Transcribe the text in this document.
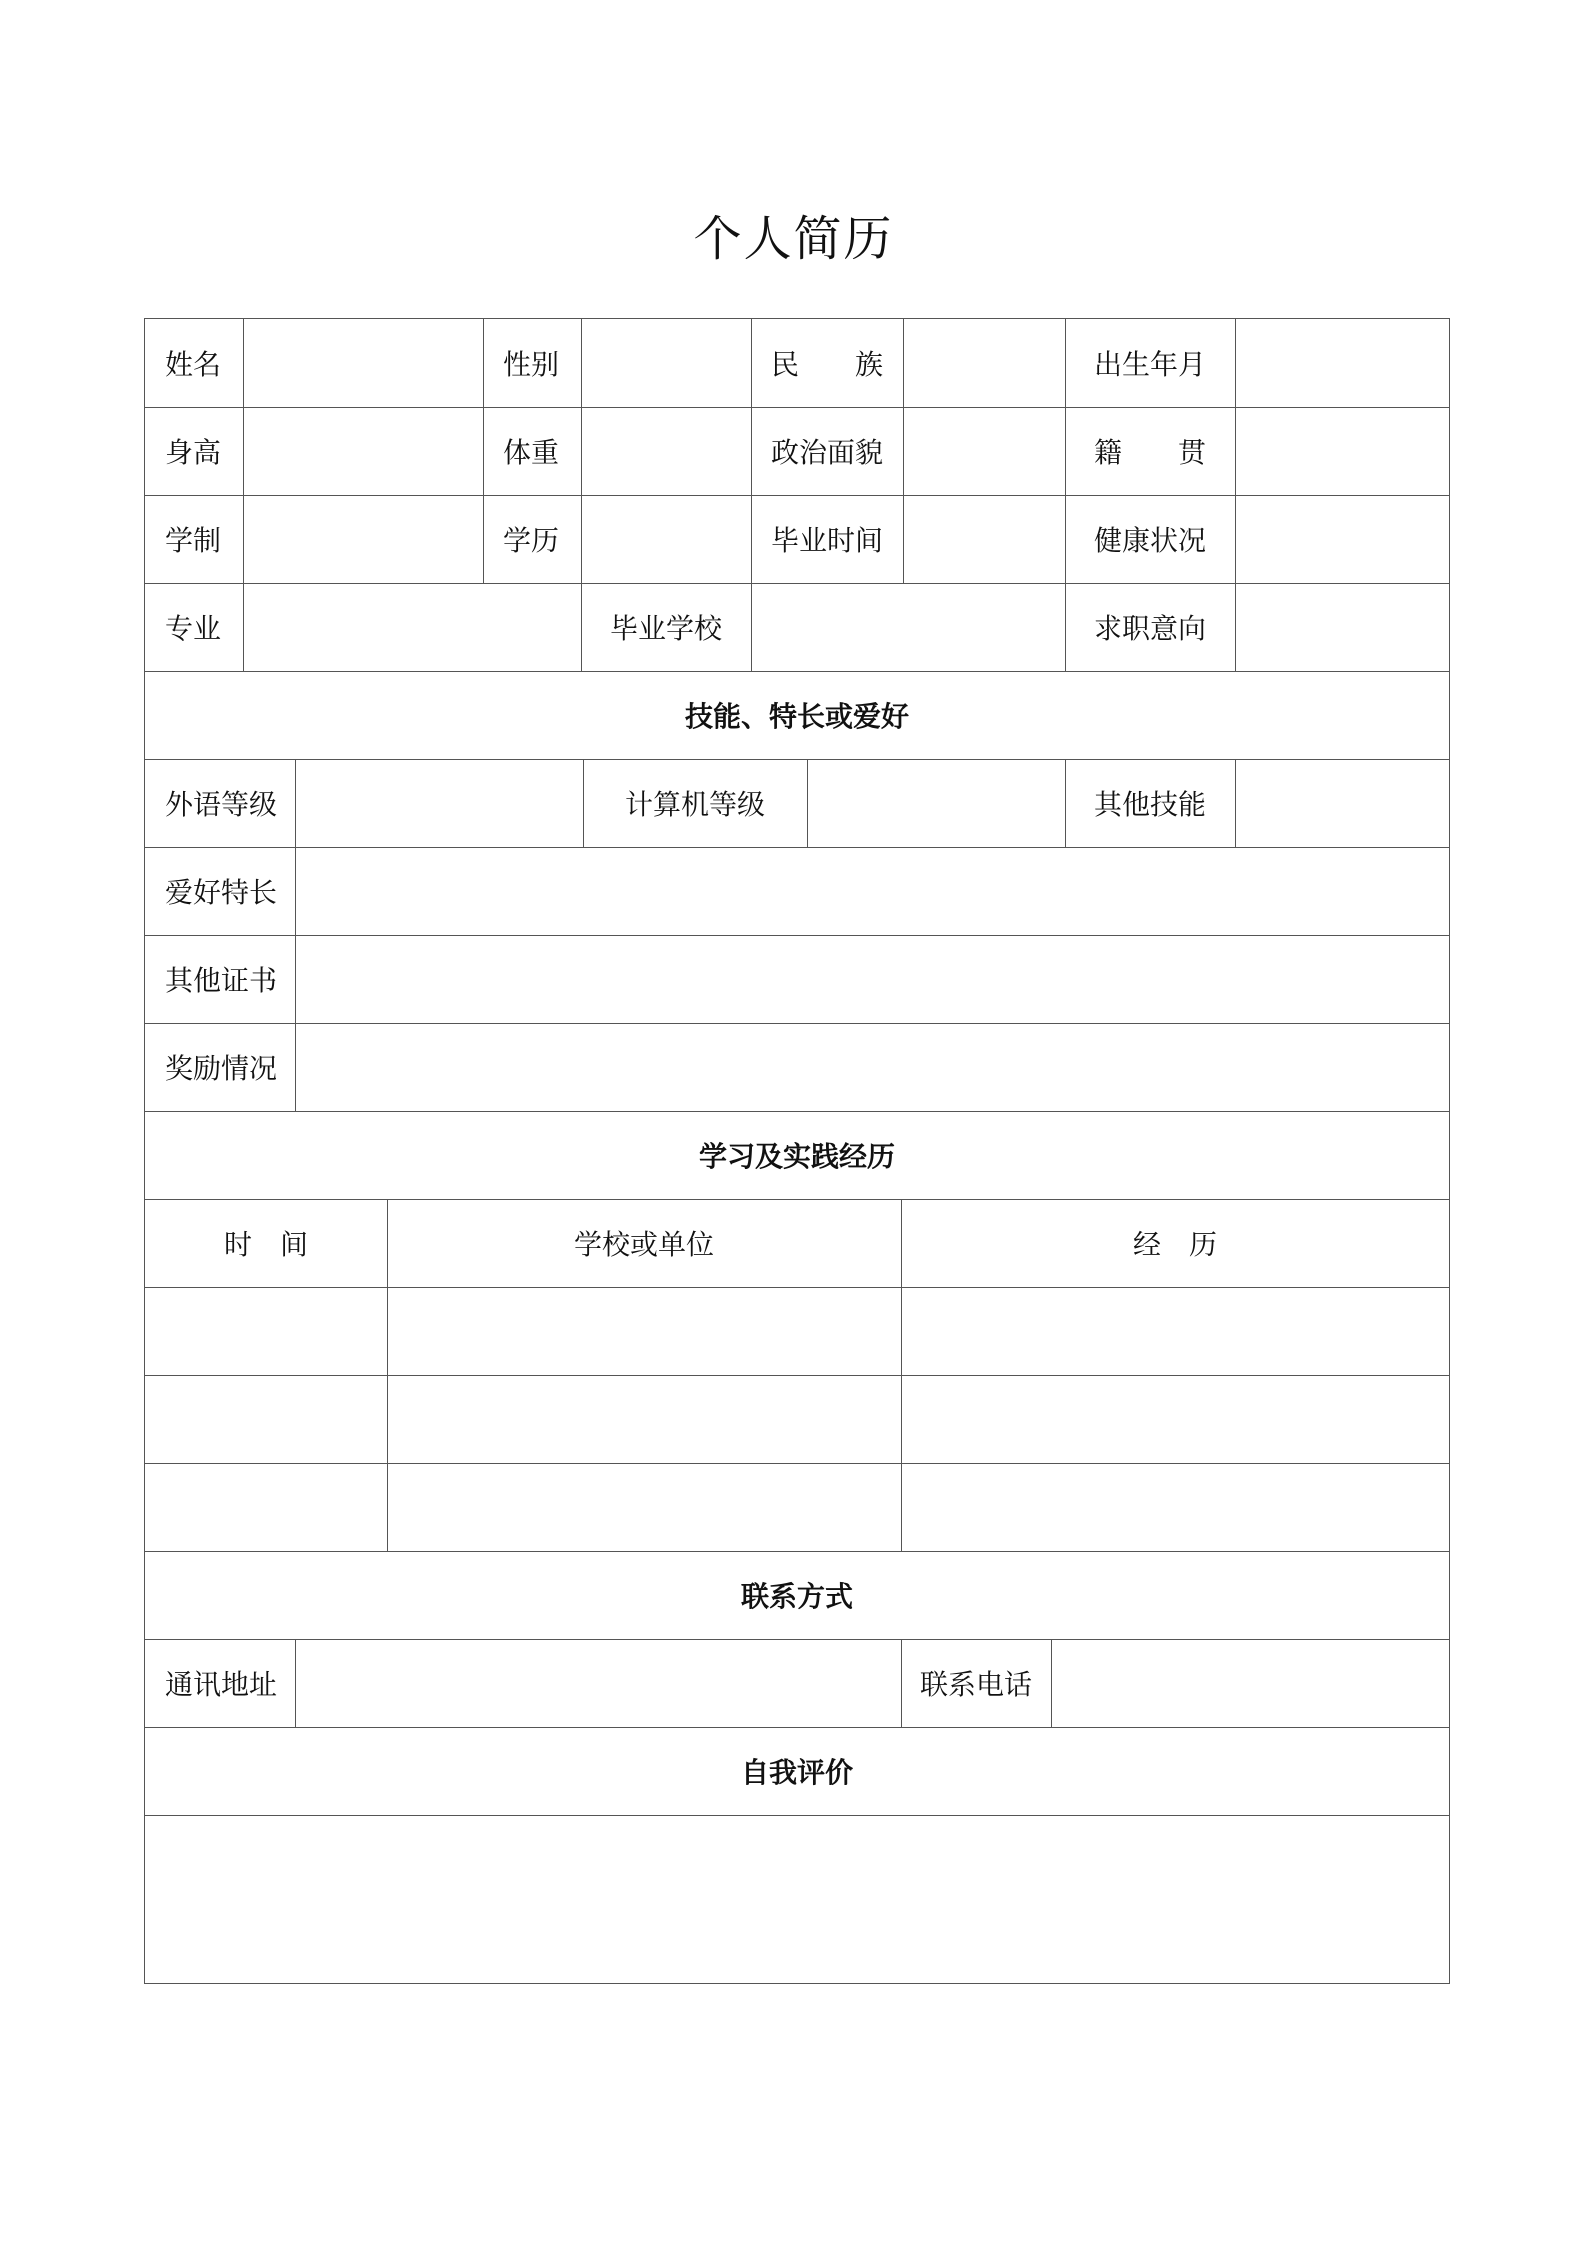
个人简历
姓名	性别	民　　族	出生年月
身高	体重	政治面貌	籍　　贯
学制	学历	毕业时间	健康状况
专业	毕业学校	求职意向
技能、特长或爱好
外语等级	计算机等级	其他技能
爱好特长
其他证书
奖励情况
学习及实践经历
时　间	学校或单位	经　历
联系方式
通讯地址	联系电话
自我评价
